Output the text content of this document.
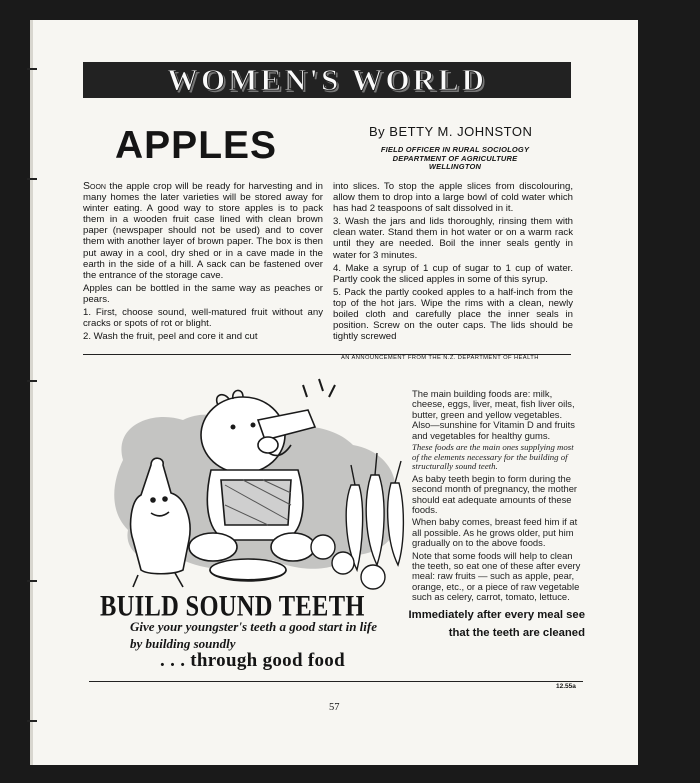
WOMEN'S WORLD
APPLES	By BETTY M. JOHNSTON
FIELD OFFICER IN RURAL SOCIOLOGY
DEPARTMENT OF AGRICULTURE
WELLINGTON

Soon the apple crop will be ready for harvesting and in many homes the later varieties will be stored away for winter eating. A good way to store apples is to pack them in a wooden fruit case lined with clean brown paper (newspaper should not be used) and to cover them with another layer of brown paper. The box is then put away in a cool, dry shed or in a cave made in the earth in the side of a hill. A sack can be fastened over the entrance of the storage cave.

Apples can be bottled in the same way as peaches or pears.

1. First, choose sound, well-matured fruit without any cracks or spots of rot or blight.

2. Wash the fruit, peel and core it and cut

into slices. To stop the apple slices from discolouring, allow them to drop into a large bowl of cold water which has had 2 teaspoons of salt dissolved in it.

3. Wash the jars and lids thoroughly, rinsing them with clean water. Stand them in hot water or on a warm rack until they are needed. Boil the inner seals gently in water for 3 minutes.

4. Make a syrup of 1 cup of sugar to 1 cup of water. Partly cook the sliced apples in some of this syrup.

5. Pack the partly cooked apples to a half-inch from the top of the hot jars. Wipe the rims with a clean, newly boiled cloth and carefully place the inner seals in position. Screw on the outer caps. The lids should be tightly screwed

AN ANNOUNCEMENT FROM THE N.Z. DEPARTMENT OF HEALTH

The main building foods are: milk, cheese, eggs, liver, meat, fish liver oils, butter, green and yellow vegetables. Also—sunshine for Vitamin D and fruits and vegetables for healthy gums.

These foods are the main ones supplying most of the elements necessary for the building of structurally sound teeth.

As baby teeth begin to form during the second month of pregnancy, the mother should eat adequate amounts of these foods.

When baby comes, breast feed him if at all possible. As he grows older, put him gradually on to the above foods.

Note that some foods will help to clean the teeth, so eat one of these after every meal: raw fruits — such as apple, pear, orange, etc., or a piece of raw vegetable such as celery, carrot, tomato, lettuce.

BUILD SOUND TEETH
Give your youngster's teeth a good start in life by building soundly
. . . through good food
Immediately after every meal see that the teeth are cleaned
12.55a
57
